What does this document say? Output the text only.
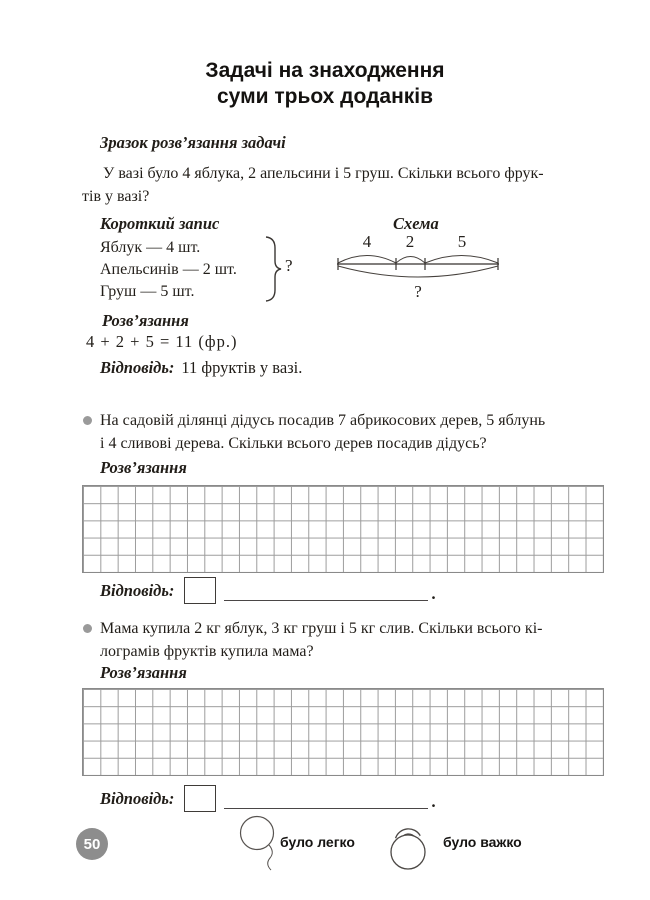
Задачі на знаходження
суми трьох доданків
Зразок розв’язання задачі
У вазі було 4 яблука, 2 апельсини і 5 груш. Скільки всього фрук-
тів у вазі?
Короткий запис	Схема
Яблук — 4 шт.
Апельсинів — 2 шт.
Груш — 5 шт.
?
4 2	5
?
Розв’язання
4 + 2 + 5 = 11 (фр.)
Відповідь: 11 фруктів у вазі.
На садовій ділянці дідусь посадив 7 абрикосових дерев, 5 яблунь
і 4 сливові дерева. Скільки всього дерев посадив дідусь?
Розв’язання
Відповідь:	.
Мама купила 2 кг яблук, 3 кг груш і 5 кг слив. Скільки всього кі-
лограмів фруктів купила мама?
Розв’язання
Відповідь:	.
50	було легко	було важко
